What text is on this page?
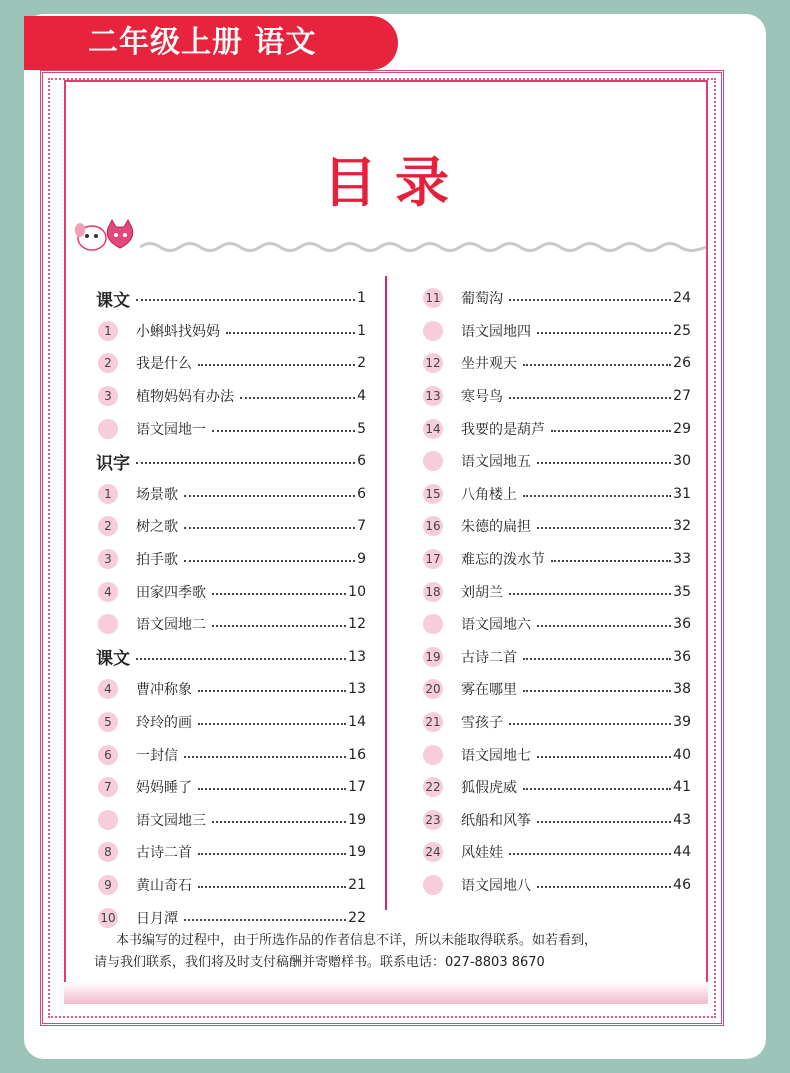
二年级上册 语文
目录
课文	1
1	小蝌蚪找妈妈	1
2	我是什么	2
3	植物妈妈有办法	4
语文园地一	5
识字	6
1	场景歌	6
2	树之歌	7
3	拍手歌	9
4	田家四季歌	10
语文园地二	12
课文	13
4	曹冲称象	13
5	玲玲的画	14
6	一封信	16
7	妈妈睡了	17
语文园地三	19
8	古诗二首	19
9	黄山奇石	21
10 日月潭	22
11 葡萄沟	24
语文园地四	25
12 坐井观天	26
13 寒号鸟	27
14 我要的是葫芦	29
语文园地五	30
15 八角楼上	31
16 朱德的扁担	32
17 难忘的泼水节	33
18 刘胡兰	35
语文园地六	36
19 古诗二首	36
20 雾在哪里	38
21 雪孩子	39
语文园地七	40
22 狐假虎威	41
23 纸船和风筝	43
24 风娃娃	44
语文园地八	46
本书编写的过程中，由于所选作品的作者信息不详，所以未能取得联系。如若看到，
请与我们联系，我们将及时支付稿酬并寄赠样书。联系电话：027-8803 8670
